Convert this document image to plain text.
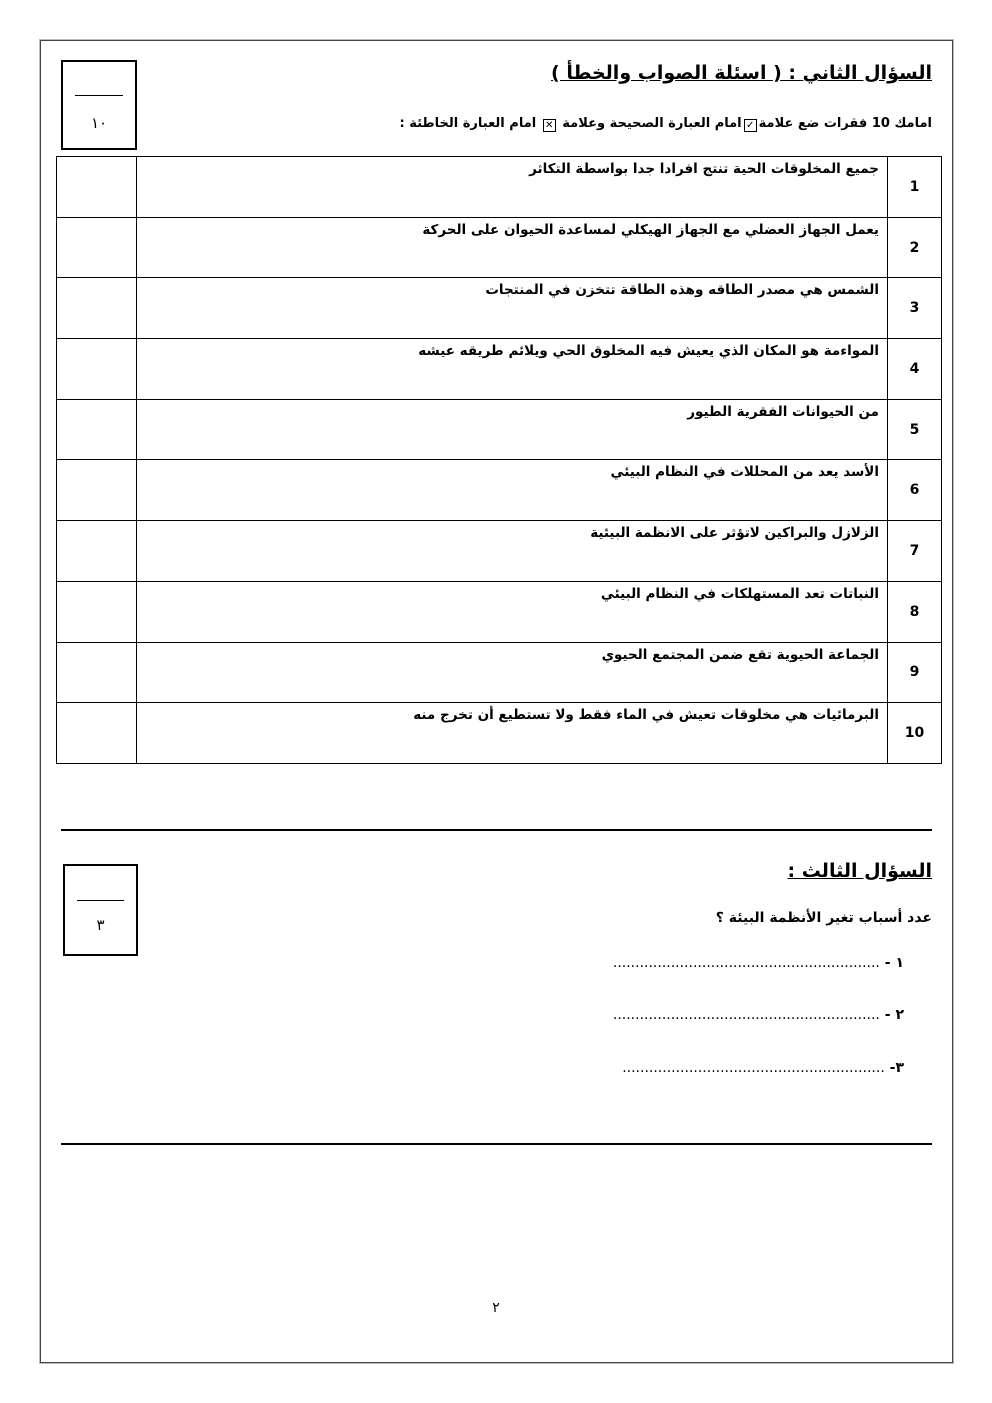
١٠
السؤال الثاني : ( اسئلة الصواب والخطأ )
امامك 10 فقرات ضع علامة✓امام العبارة الصحيحة وعلامة ✕ امام العبارة الخاطئة :
	جميع المخلوقات الحية تنتج افرادا جدا بواسطة التكاثر	1
	يعمل الجهاز العضلي مع الجهاز الهيكلي لمساعدة الحيوان على الحركة	2
	الشمس هي مصدر الطاقه وهذه الطاقة تتخزن في المنتجات	3
	المواءمة هو المكان الذي يعيش فيه المخلوق الحي ويلائم طريقه عيشه	4
	من الحيوانات الفقرية الطيور	5
	الأسد يعد من المحللات في النظام البيئي	6
	الزلازل والبراكين لاتؤثر على الانظمة البيئية	7
	النباتات تعد المستهلكات في النظام البيئي	8
	الجماعة الحيوية تقع ضمن المجتمع الحيوي	9
	البرمائيات هي مخلوقات تعيش في الماء فقط ولا تستطيع أن تخرج منه	10
٣
السؤال الثالث :
عدد أسباب تغير الأنظمة البيئة ؟
١ - ............................................................
٢ - ............................................................
٣- ...........................................................
٢
